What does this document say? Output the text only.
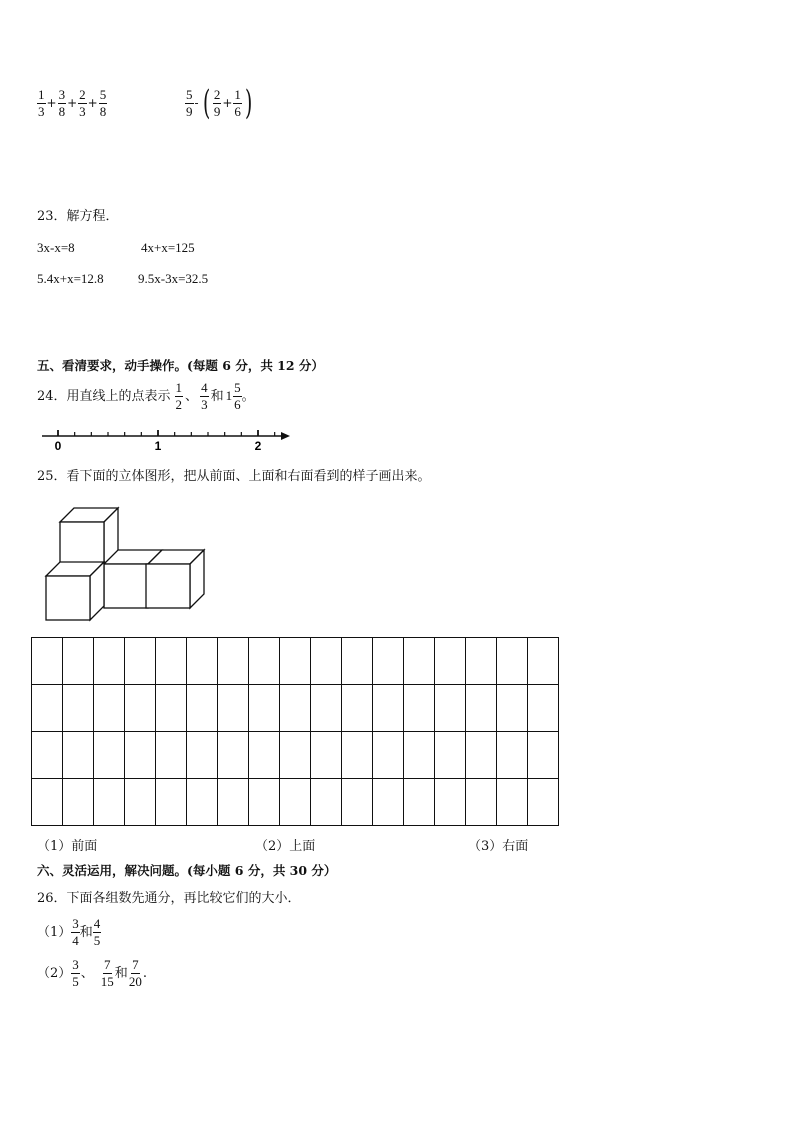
$\frac{1}{3} + \frac{3}{8} + \frac{2}{3} + \frac{5}{8}$	$\frac{5}{9}$ - ( $\frac{2}{9} + \frac{1}{6}$ )
23．解方程．
3x-x=8	4x+x=125
5.4x+x=12.8	9.5x-3x=32.5
五、看清要求，动手操作。(每题 6 分，共 12 分）
24．用直线上的点表示 $\frac{1}{2}$ 、 $\frac{4}{3}$ 和 $1 \frac{5}{6}$ 。
0	1	2
25．看下面的立体图形，把从前面、上面和右面看到的样子画出来。

（1）前面	（2）上面	（3）右面
六、灵活运用，解决问题。(每小题 6 分，共 30 分）
26．下面各组数先通分，再比较它们的大小．
$(1) \frac{3}{4}$ 和 $\frac{4}{5}$
$(2) \frac{3}{5}$ 、 $\frac{7}{15}$ 和 $\frac{7}{20}$ .
